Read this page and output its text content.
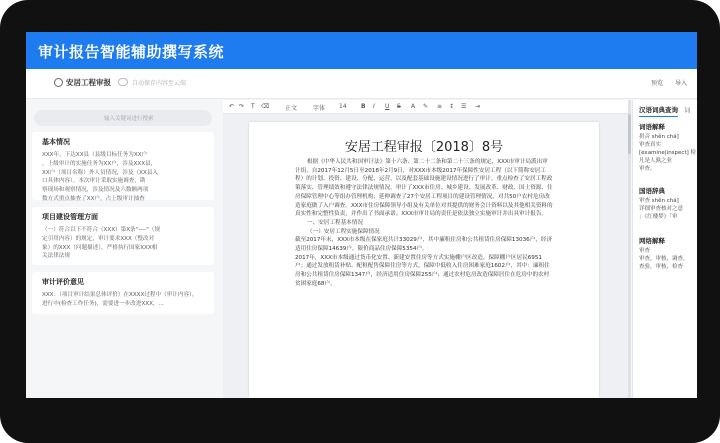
审计报告智能辅助撰写系统
安居工程审报	自动保存内容至云端	预览 导入
输入关键词进行搜索
基本情况
XXX年，下达XX县（县级目标任务为XX户
，上级审计的实施任务为XX户，涉及XXX县，
XX户（项目名称）外人员情况，涉及（XX县入
口具体内容）。本次审计采取实施调查，勘
察现场和观察情况，涉及情况及六数额两项
数方式重点抽查了XX户。占上级审计抽查
项目建设管理方面
（一）符合以下不符合（XXX）第X条"----"（规
定引用内容）的规定，审计要求XXX（整改对
象）的XXX（问题描述），严格执行国家XXX相
关法律法规
审计评价意见
XXX：（项目审计结果总体评价）在XXXX过程中（审计内容），
进行中(检查工作任务)，需要进一步改进XXX，...
↶ ↷ T ⌫	正文	字体 14 B I U S A ✎ ≡ ↕ ☰ ⇥
安居工程审报〔2018〕8号

根据《中华人民共和国审计法》第十六条、第二十二条和第二十三条的规定，XXX市审计局派出审计组，自2017年12月5日至2018年2月9日，对XXX市本级2017年保障性安居工程（以下简称安居工程）的计划、投资、建设、分配、运营，以及配套基础设施建设情况进行了审计。重点检查了安居工程政策落实、管理绩效和遵守法律法规情况，审计了XXX市住房、城乡建设、发展改革、财政、国土资源、住房保障管理中心等组办管理机构；延伸调查了27个安居工程项目的建设管理情况，对共50户农村危房改造家庭做了入户调查。XXX市住房保障领导小组及有关单位对其提供的财务会计资料以及其他相关资料的真实性和完整性负责，并作出了书面承诺。XXX市审计局的责任是依法独立实施审计并出具审计报告。

一、安居工程基本情况

（一）安居工程实施保障情况

截至2017年末，XXX市本级在保家庭共计33029户，其中廉租住房和公共租赁住房保障13036户，经济适用住房保障14639户，限价商品住房保障5354户。

2017年，XXX市本级通过货币化安置、新建安置住房等方式实施棚户区改造，保障棚户区居民6951户；通过发放租赁补贴、配租配售保障住房等方式，保障中低收入住房困难家庭1602户，其中：廉租住房和公共租赁住房保障1347户，经济适用住房保障255户；通过农村危房改造保障居住在危房中的农村贫困家庭68户。

汉语词典查询 词
词语解释
拼音 shěn chá]
审查真实
[examine|inspect] 检
凡是人孰之业
审查。
国语辞典
审查 shěn chá]
详细审查核对之意
」《红楼梦》「审
网络解释
审查
审查，审核，调查，
查验，审核，检查
